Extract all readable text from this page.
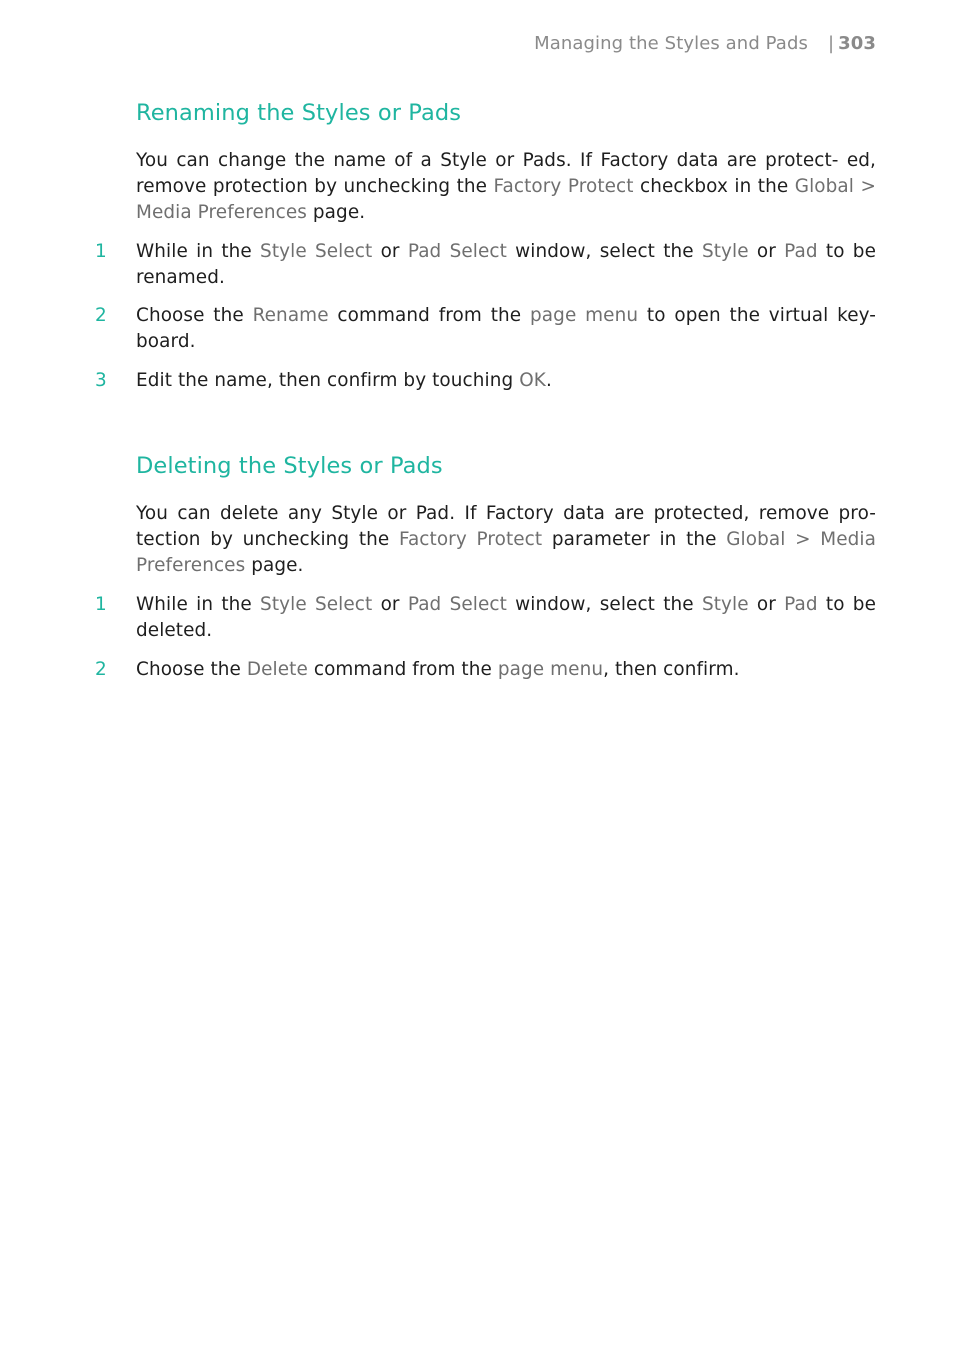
Managing the Styles and Pads | 303
Renaming the Styles or Pads
You can change the name of a Style or Pads. If Factory data are protect- ed, remove protection by unchecking the Factory Protect checkbox in the Global > Media Preferences page.
1 While in the Style Select or Pad Select window, select the Style or Pad to be renamed.
2 Choose the Rename command from the page menu to open the virtual key- board.
3 Edit the name, then confirm by touching OK.
Deleting the Styles or Pads
You can delete any Style or Pad. If Factory data are protected, remove pro- tection by unchecking the Factory Protect parameter in the Global > Media Preferences page.
1 While in the Style Select or Pad Select window, select the Style or Pad to be deleted.
2 Choose the Delete command from the page menu, then confirm.
